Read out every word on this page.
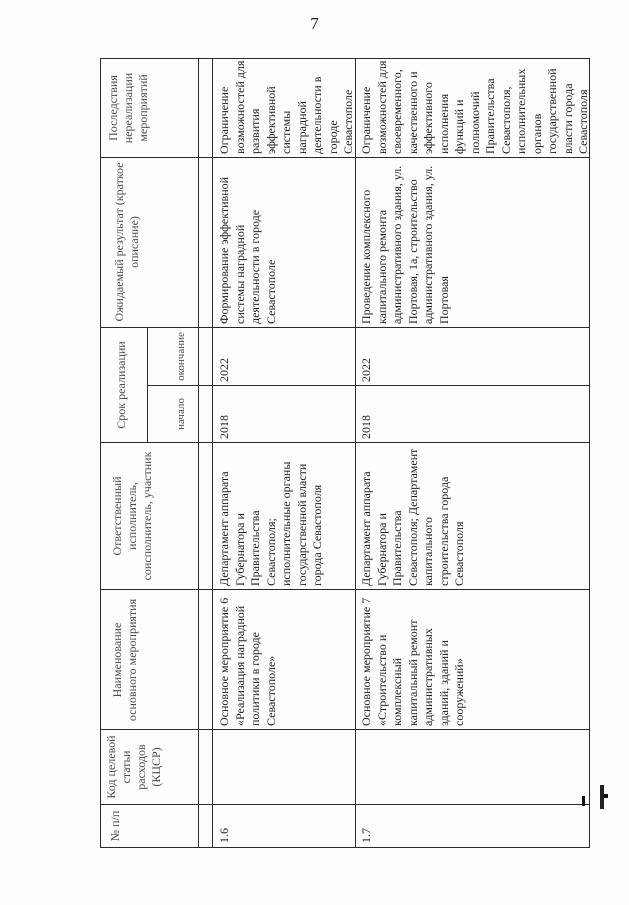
7
№ п/п
Код целевой статьи расходов (КЦСР)
Наименование основного мероприятия
Ответственный исполнитель, соисполнитель, участник
Срок реализации	начало
окончание
Ожидаемый результат (краткое описание)
Последствия нереализации мероприятий
1.6
Основное мероприятие 6 «Реализация наградной политики в городе Севастополе»
Департамент аппарата Губернатора и Правительства Севастополя; исполнительные органы государственной власти города Севастополя
2018
2022
Формирование эффективной системы наградной деятельности в городе Севастополе
Ограничение возможностей для развития эффективной системы наградной деятельности в городе Севастополе
1.7
Основное мероприятие 7 «Строительство и комплексный капитальный ремонт административных зданий, зданий и сооружений»
Департамент аппарата Губернатора и Правительства Севастополя; Департамент капитального строительства города Севастополя
2018
2022
Проведение комплексного капитального ремонта административного здания, ул. Портовая, 1а, строительство административного здания, ул. Портовая
Ограничение возможностей для своевременного, качественного и эффективного исполнения функций и полномочий Правительства Севастополя, исполнительных органов государственной власти города Севастополя
